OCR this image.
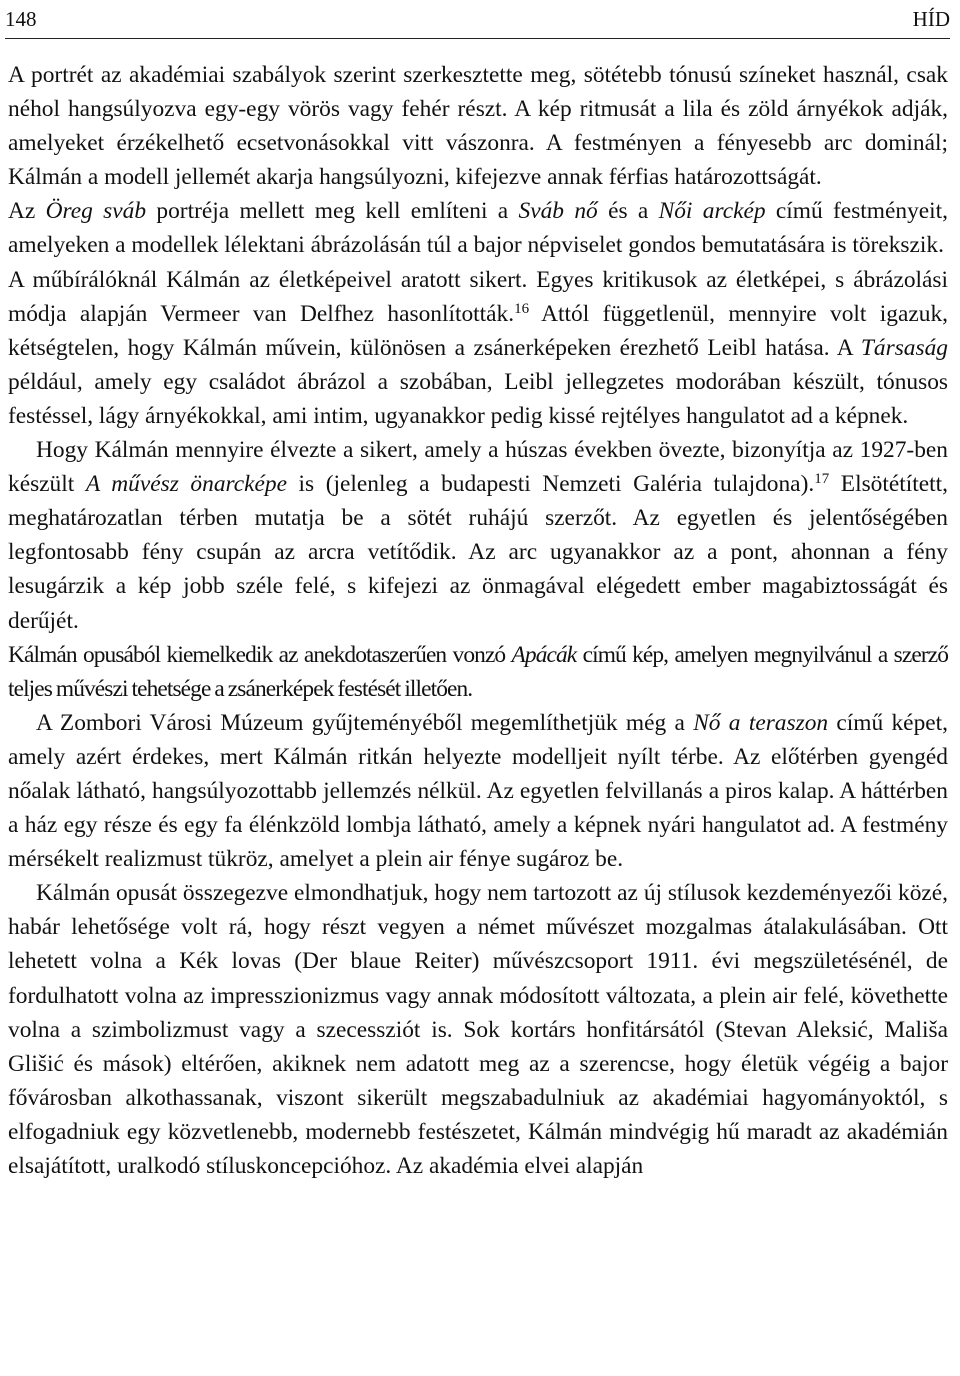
148	HÍD

A portrét az akadémiai szabályok szerint szerkesztette meg, sötétebb tónusú színeket használ, csak néhol hangsúlyozva egy-egy vörös vagy fehér részt. A kép ritmusát a lila és zöld árnyékok adják, amelyeket érzékelhető ecsetvonásokkal vitt vászonra. A festményen a fényesebb arc dominál; Kálmán a modell jellemét akarja hangsúlyozni, kifejezve annak férfias határozottságát.

Az Öreg sváb portréja mellett meg kell említeni a Sváb nő és a Női arckép című festményeit, amelyeken a modellek lélektani ábrázolásán túl a bajor népviselet gondos bemutatására is törekszik.

A műbírálóknál Kálmán az életképeivel aratott sikert. Egyes kritikusok az életképei, s ábrázolási módja alapján Vermeer van Delfhez hasonlították.$^{16}$ Attól függetlenül, mennyire volt igazuk, kétségtelen, hogy Kálmán művein, különösen a zsánerképeken érezhető Leibl hatása. A Társaság például, amely egy családot ábrázol a szobában, Leibl jellegzetes modorában készült, tónusos festéssel, lágy árnyékokkal, ami intim, ugyanakkor pedig kissé rejtélyes hangulatot ad a képnek.

Hogy Kálmán mennyire élvezte a sikert, amely a húszas években övezte, bizonyítja az 1927-ben készült A művész önarcképe is (jelenleg a budapesti Nemzeti Galéria tulajdona).$^{17}$ Elsötétített, meghatározatlan térben mutatja be a sötét ruhájú szerzőt. Az egyetlen és jelentőségében legfontosabb fény csupán az arcra vetítődik. Az arc ugyanakkor az a pont, ahonnan a fény lesugárzik a kép jobb széle felé, s kifejezi az önmagával elégedett ember magabiztosságát és derűjét.

Kálmán opusából kiemelkedik az anekdotaszerűen vonzó Apácák című kép, amelyen megnyilvánul a szerző teljes művészi tehetsége a zsánerképek festését illetően.

A Zombori Városi Múzeum gyűjteményéből megemlíthetjük még a Nő a teraszon című képet, amely azért érdekes, mert Kálmán ritkán helyezte modelljeit nyílt térbe. Az előtérben gyengéd nőalak látható, hangsúlyozottabb jellemzés nélkül. Az egyetlen felvillanás a piros kalap. A háttérben a ház egy része és egy fa élénkzöld lombja látható, amely a képnek nyári hangulatot ad. A festmény mérsékelt realizmust tükröz, amelyet a plein air fénye sugároz be.

Kálmán opusát összegezve elmondhatjuk, hogy nem tartozott az új stílusok kezdeményezői közé, habár lehetősége volt rá, hogy részt vegyen a német művészet mozgalmas átalakulásában. Ott lehetett volna a Kék lovas (Der blaue Reiter) művészcsoport 1911. évi megszületésénél, de fordulhatott volna az impresszionizmus vagy annak módosított változata, a plein air felé, követhette volna a szimbolizmust vagy a szecessziót is. Sok kortárs honfitársától (Stevan Aleksić, Mališa Glišić és mások) eltérően, akiknek nem adatott meg az a szerencse, hogy életük végéig a bajor fővárosban alkothassanak, viszont sikerült megszabadulniuk az akadémiai hagyományoktól, s elfogadniuk egy közvetlenebb, modernebb festészetet, Kálmán mindvégig hű maradt az akadémián elsajátított, uralkodó stíluskoncepcióhoz. Az akadémia elvei alapján
